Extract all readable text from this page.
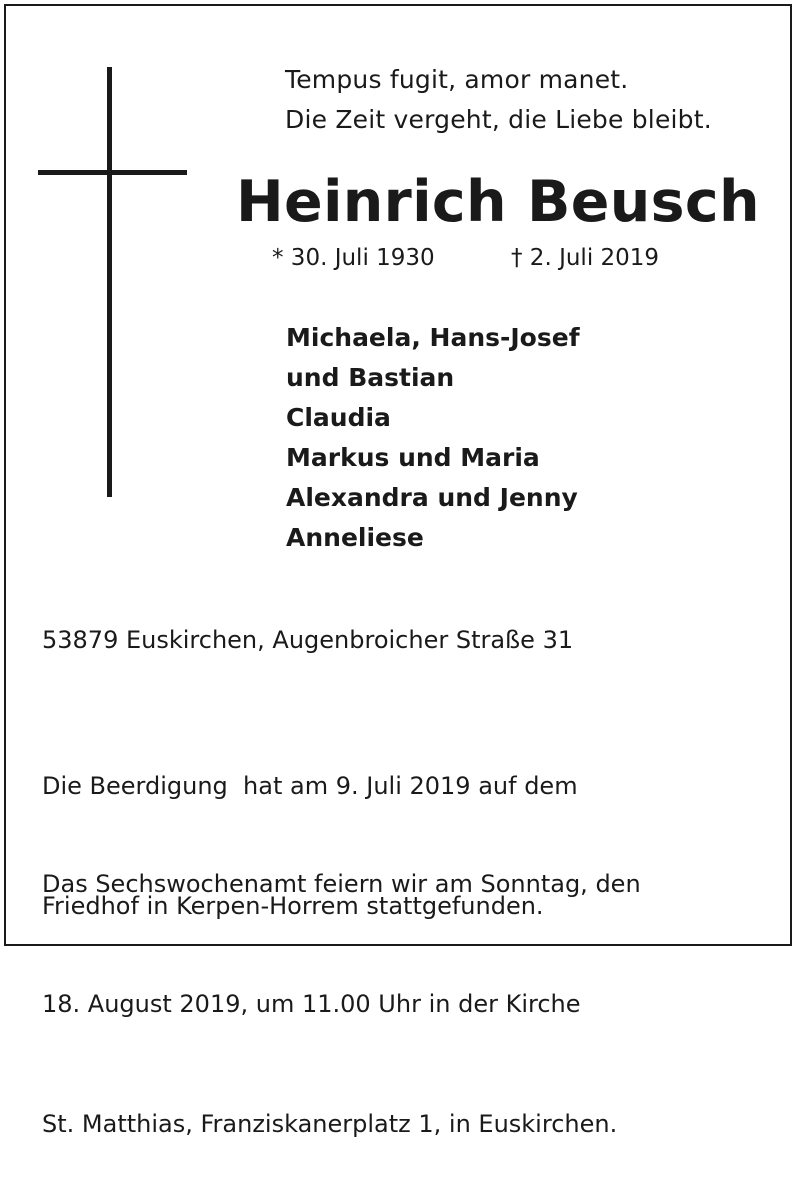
Tempus fugit, amor manet.
Die Zeit vergeht, die Liebe bleibt.
Heinrich Beusch
* 30. Juli 1930	† 2. Juli 2019
Michaela, Hans-Josef
und Bastian
Claudia
Markus und Maria
Alexandra und Jenny
Anneliese
53879 Euskirchen, Augenbroicher Straße 31

Die Beerdigung  hat am 9. Juli 2019 auf dem

Friedhof in Kerpen-Horrem stattgefunden.

Das Sechswochenamt feiern wir am Sonntag, den

18. August 2019, um 11.00 Uhr in der Kirche

St. Matthias, Franziskanerplatz 1, in Euskirchen.
